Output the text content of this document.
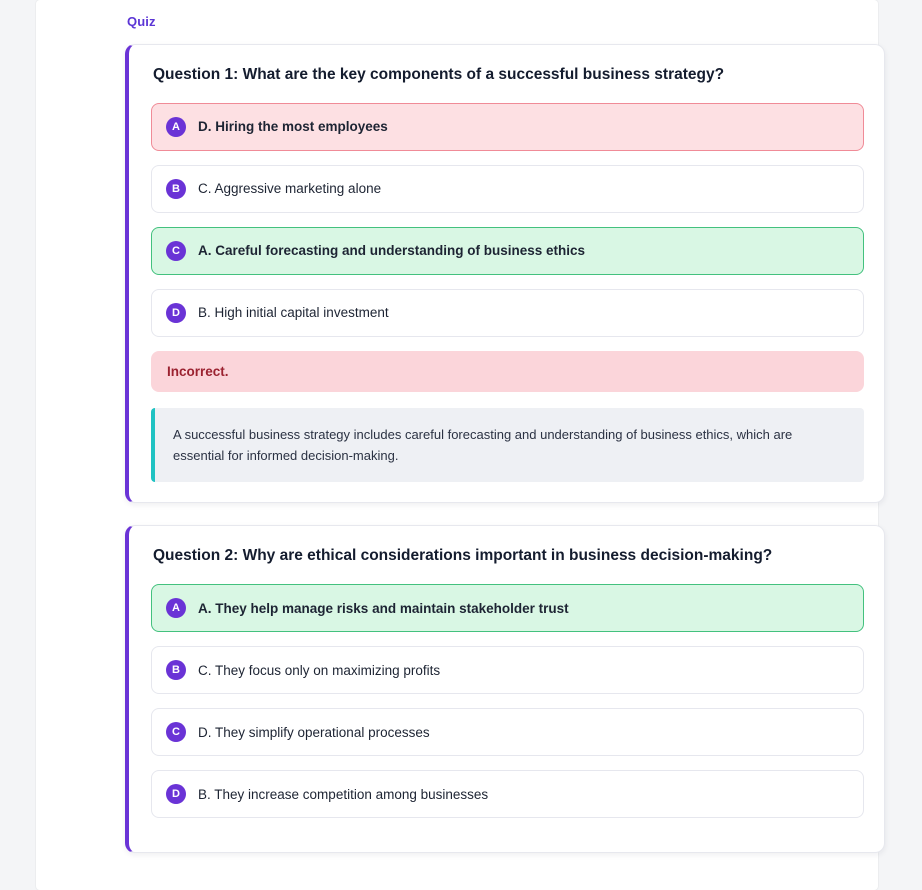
Quiz
Question 1: What are the key components of a successful business strategy?
A	D. Hiring the most employees
B	C. Aggressive marketing alone
C	A. Careful forecasting and understanding of business ethics
D	B. High initial capital investment
Incorrect.
A successful business strategy includes careful forecasting and understanding of business ethics, which are essential for informed decision-making.
Question 2: Why are ethical considerations important in business decision-making?
A	A. They help manage risks and maintain stakeholder trust
B	C. They focus only on maximizing profits
C	D. They simplify operational processes
D	B. They increase competition among businesses
